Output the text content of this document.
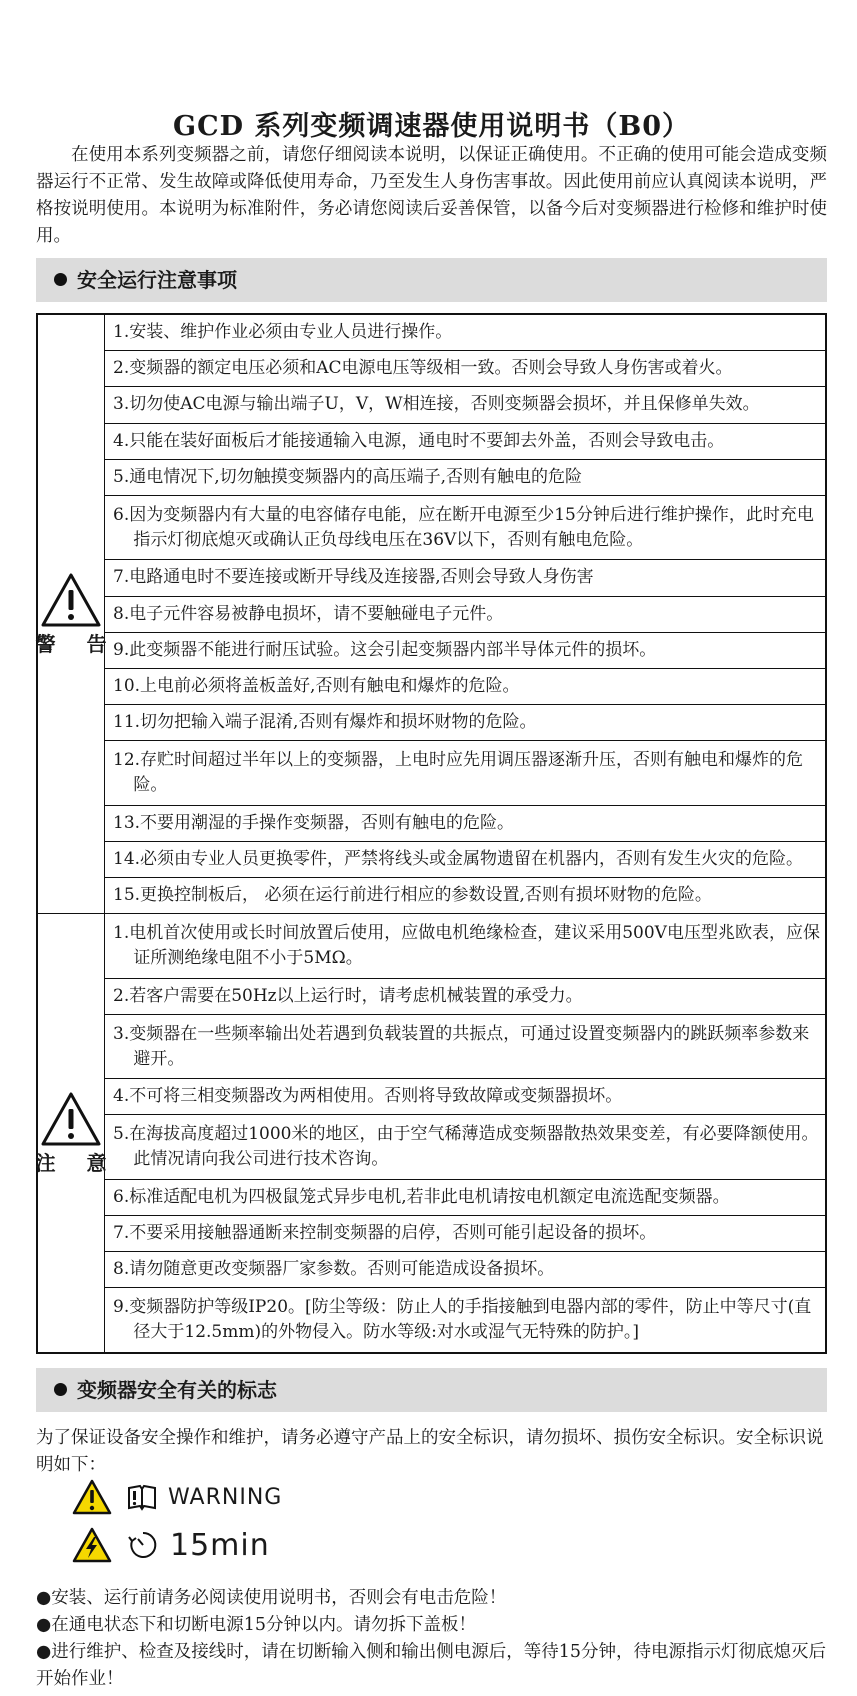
GCD 系列变频调速器使用说明书（B0）
在使用本系列变频器之前，请您仔细阅读本说明，以保证正确使用。不正确的使用可能会造成变频器运行不正常、发生故障或降低使用寿命，乃至发生人身伤害事故。因此使用前应认真阅读本说明，严格按说明使用。本说明为标准附件，务必请您阅读后妥善保管，以备今后对变频器进行检修和维护时使用。
安全运行注意事项
警 告	1.安装、维护作业必须由专业人员进行操作。

	2.变频器的额定电压必须和AC电源电压等级相一致。否则会导致人身伤害或着火。

	3.切勿使AC电源与输出端子U，V，W相连接，否则变频器会损坏，并且保修单失效。

	4.只能在装好面板后才能接通输入电源，通电时不要卸去外盖，否则会导致电击。

	5.通电情况下,切勿触摸变频器内的高压端子,否则有触电的危险

	6.因为变频器内有大量的电容储存电能，应在断开电源至少15分钟后进行维护操作，此时充电指示灯彻底熄灭或确认正负母线电压在36V以下，否则有触电危险。

	7.电路通电时不要连接或断开导线及连接器,否则会导致人身伤害

	8.电子元件容易被静电损坏，请不要触碰电子元件。

	9.此变频器不能进行耐压试验。这会引起变频器内部半导体元件的损坏。

	10.上电前必须将盖板盖好,否则有触电和爆炸的危险。

	11.切勿把输入端子混淆,否则有爆炸和损坏财物的危险。

	12.存贮时间超过半年以上的变频器，上电时应先用调压器逐渐升压，否则有触电和爆炸的危险。

	13.不要用潮湿的手操作变频器，否则有触电的危险。

	14.必须由专业人员更换零件，严禁将线头或金属物遗留在机器内，否则有发生火灾的危险。

	15.更换控制板后， 必须在运行前进行相应的参数设置,否则有损坏财物的危险。

注 意	1.电机首次使用或长时间放置后使用，应做电机绝缘检查，建议采用500V电压型兆欧表，应保证所测绝缘电阻不小于5MΩ。

	2.若客户需要在50Hz以上运行时，请考虑机械装置的承受力。

	3.变频器在一些频率输出处若遇到负载装置的共振点，可通过设置变频器内的跳跃频率参数来避开。

	4.不可将三相变频器改为两相使用。否则将导致故障或变频器损坏。

	5.在海拔高度超过1000米的地区，由于空气稀薄造成变频器散热效果变差，有必要降额使用。此情况请向我公司进行技术咨询。

	6.标准适配电机为四极鼠笼式异步电机,若非此电机请按电机额定电流选配变频器。

	7.不要采用接触器通断来控制变频器的启停，否则可能引起设备的损坏。

	8.请勿随意更改变频器厂家参数。否则可能造成设备损坏。

	9.变频器防护等级IP20。[防尘等级：防止人的手指接触到电器内部的零件，防止中等尺寸(直径大于12.5mm)的外物侵入。防水等级:对水或湿气无特殊的防护。]
变频器安全有关的标志
为了保证设备安全操作和维护，请务必遵守产品上的安全标识，请勿损坏、损伤安全标识。安全标识说明如下：
WARNING
15min
●安装、运行前请务必阅读使用说明书，否则会有电击危险！
●在通电状态下和切断电源15分钟以内。请勿拆下盖板！
●进行维护、检查及接线时，请在切断输入侧和输出侧电源后，等待15分钟，待电源指示灯彻底熄灭后开始作业！
